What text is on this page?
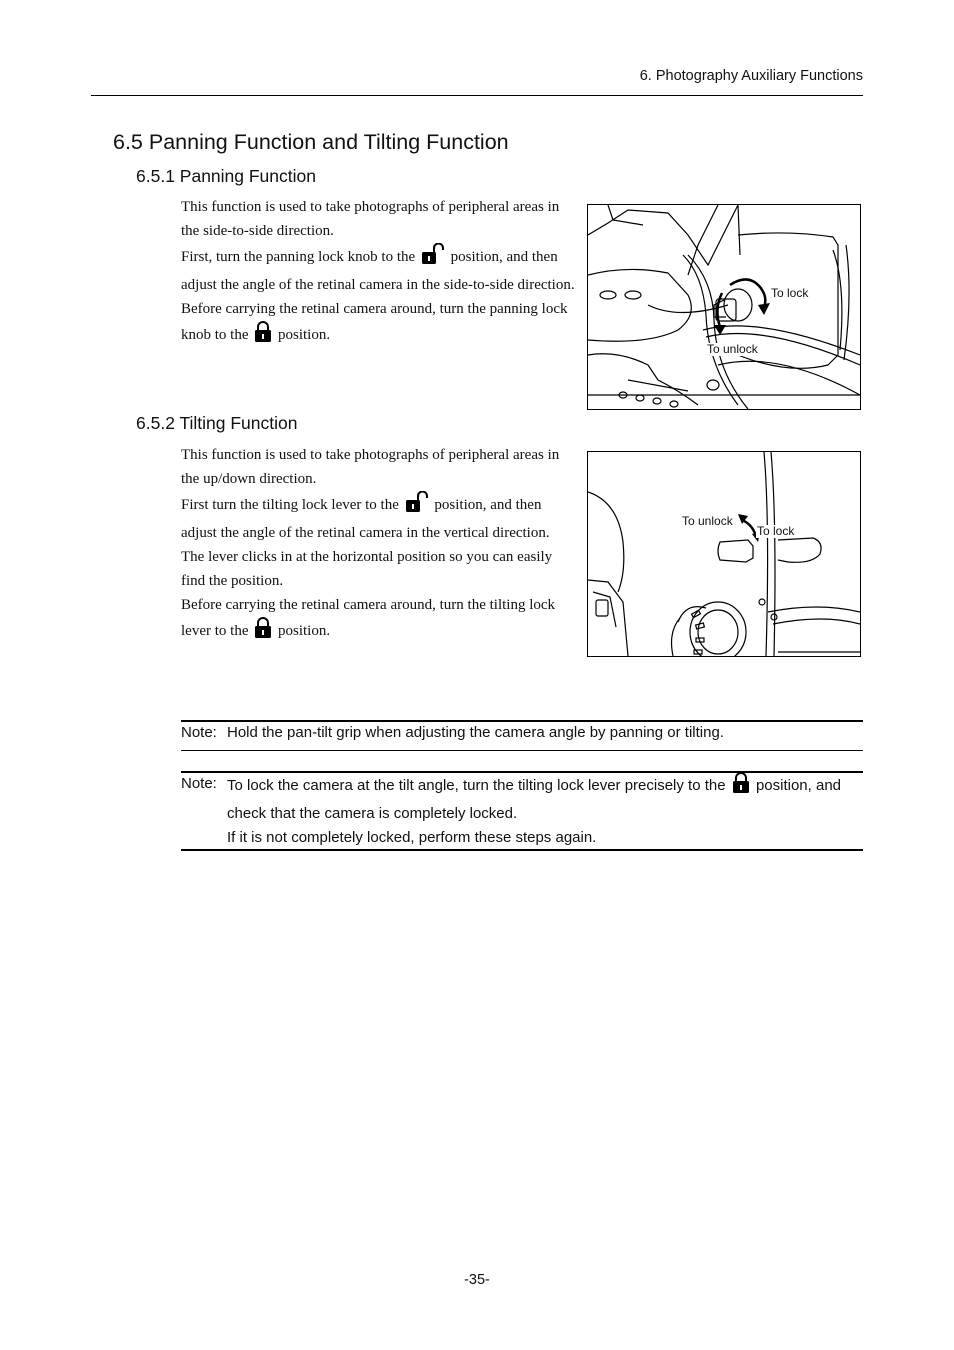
6. Photography Auxiliary Functions
6.5 Panning Function and Tilting Function
6.5.1 Panning Function

This function is used to take photographs of peripheral areas in the side-to-side direction.

First, turn the panning lock knob to the position, and then adjust the angle of the retinal camera in the side-to-side direction.

Before carrying the retinal camera around, turn the panning lock knob to the position.

To lock
To unlock
6.5.2 Tilting Function

This function is used to take photographs of peripheral areas in the up/down direction.

First turn the tilting lock lever to the position, and then adjust the angle of the retinal camera in the vertical direction.

The lever clicks in at the horizontal position so you can easily find the position.

Before carrying the retinal camera around, turn the tilting lock lever to the position.

To unlock
To lock
Note: Hold the pan-tilt grip when adjusting the camera angle by panning or tilting.

Note: To lock the camera at the tilt angle, turn the tilting lock lever precisely to the position, and check that the camera is completely locked.

If it is not completely locked, perform these steps again.

-35-
